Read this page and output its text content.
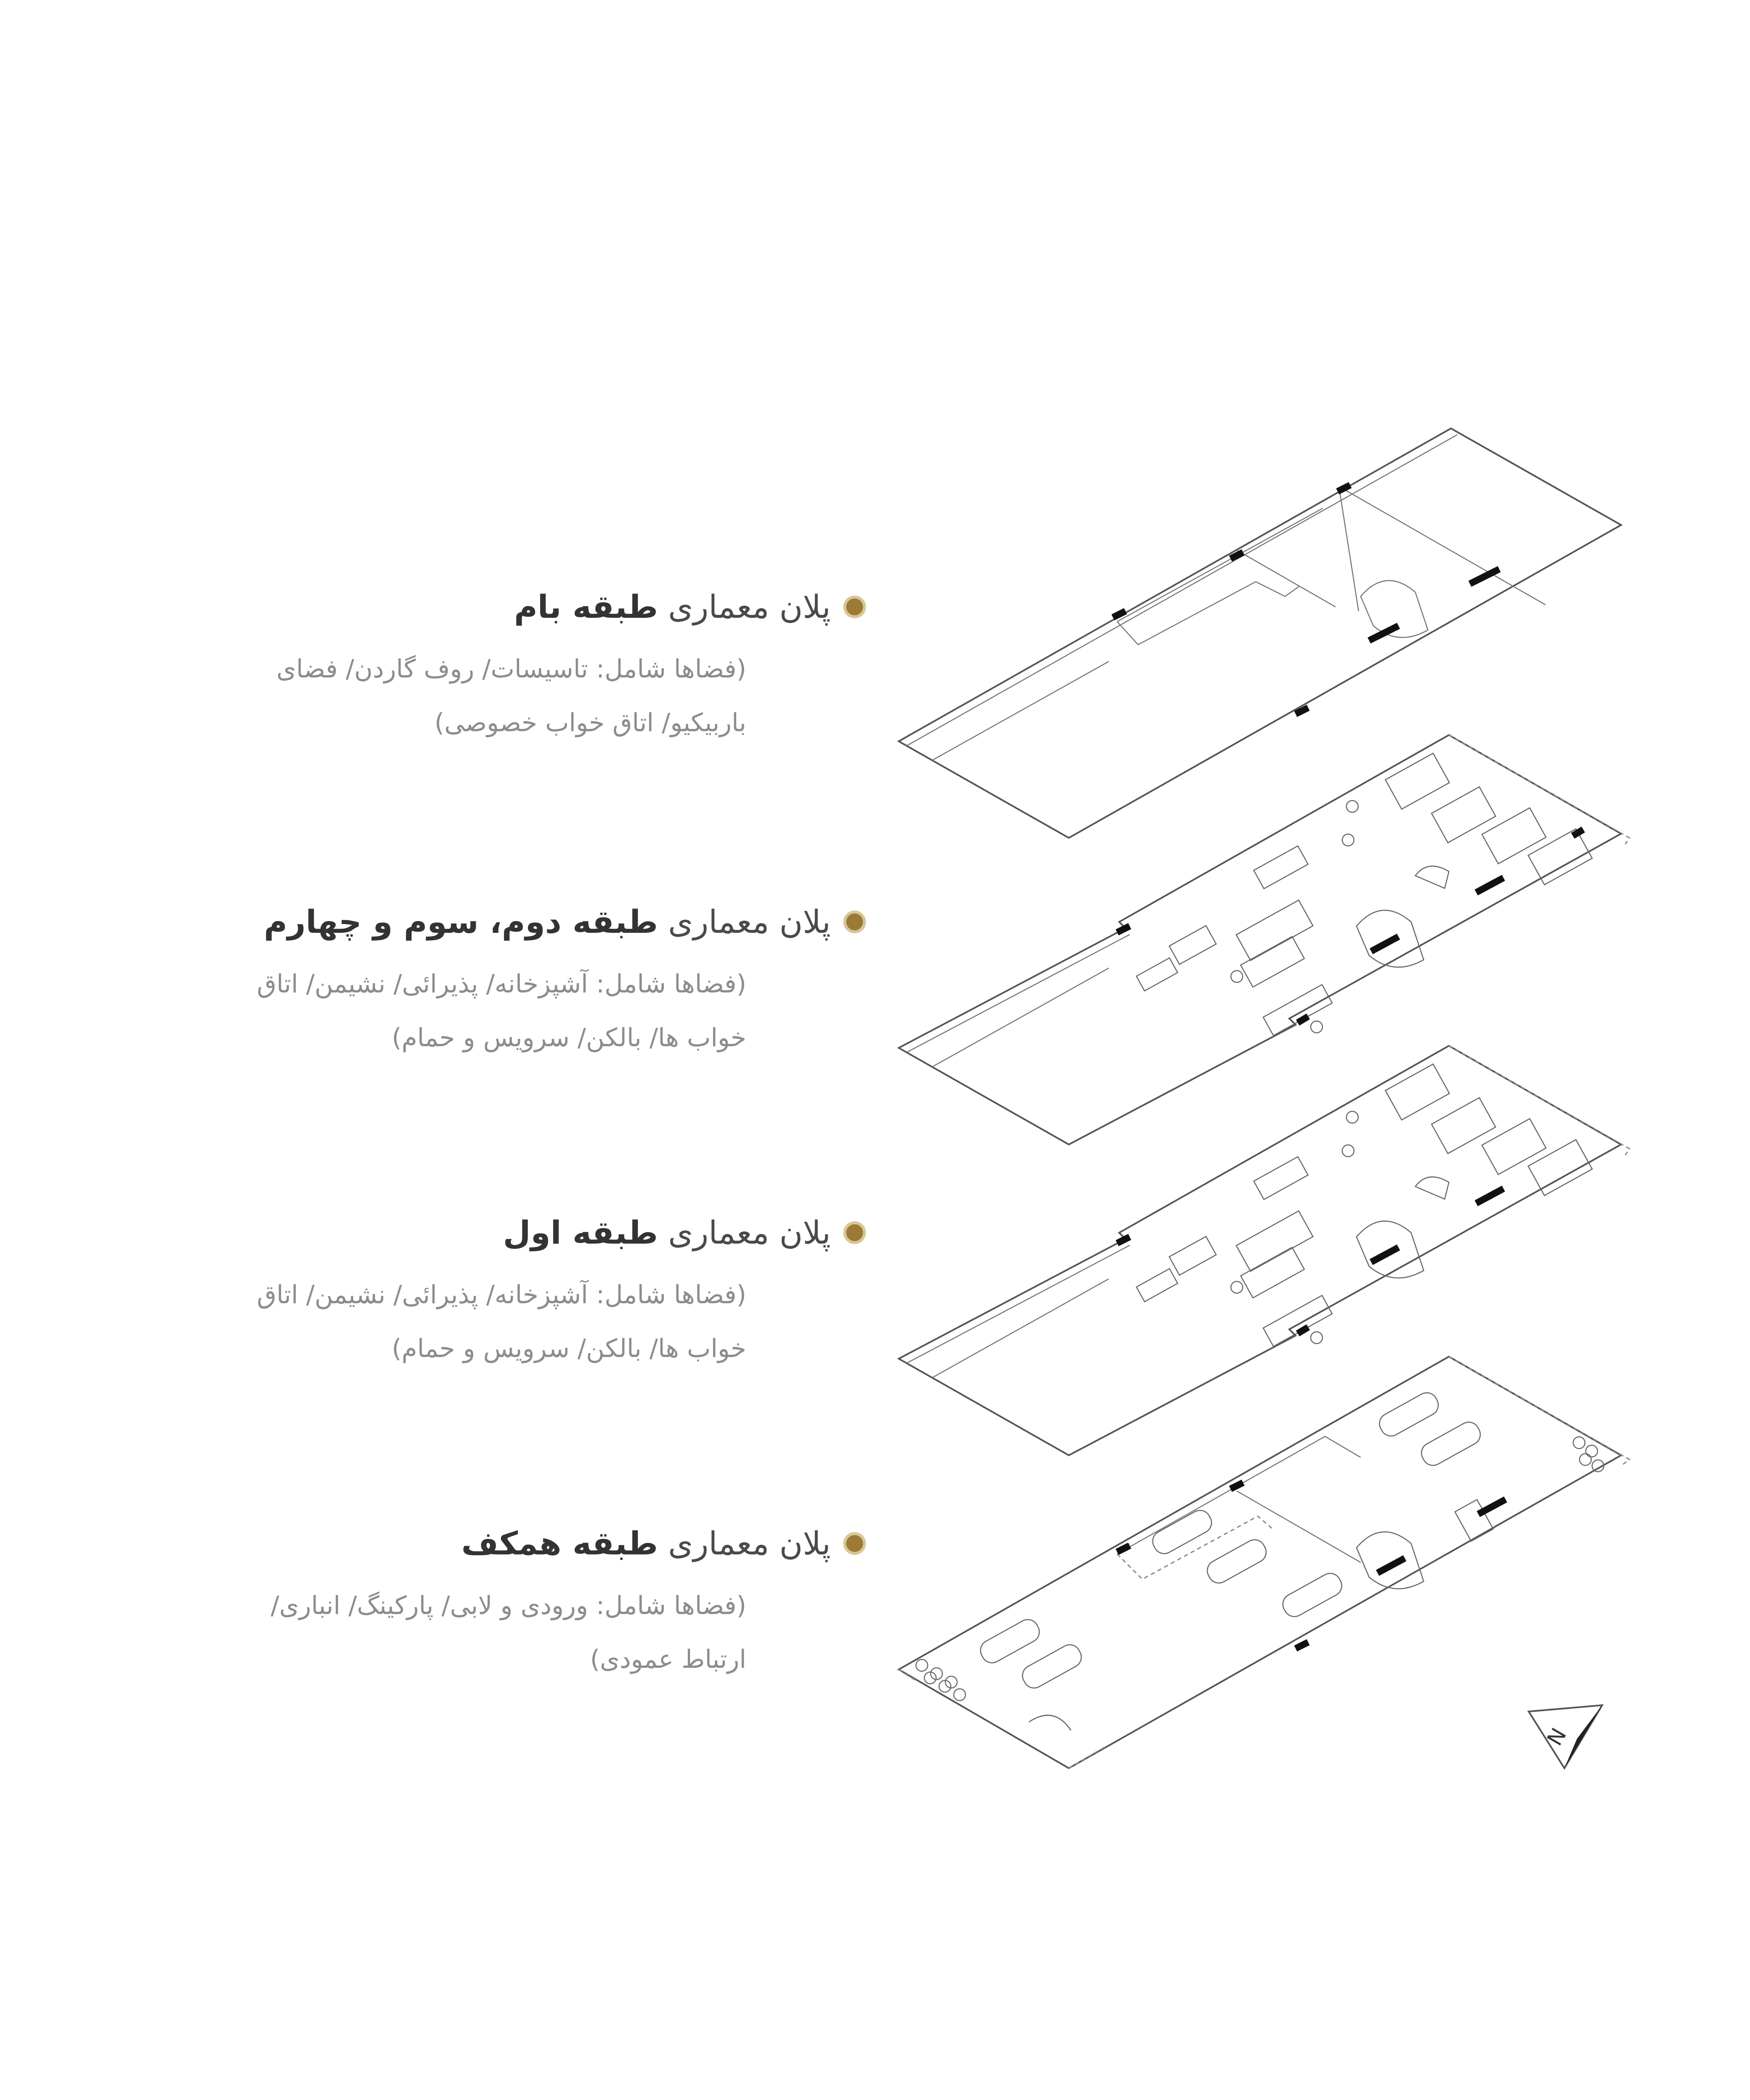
N
پلان معماری طبقه بام
(فضاها شامل: تاسیسات/ روف گاردن/ فضای
باربیکیو/ اتاق خواب خصوصی)
پلان معماری طبقه دوم، سوم و چهارم
(فضاها شامل: آشپزخانه/ پذیرائی/ نشیمن/ اتاق
خواب ها/ بالکن/ سرویس و حمام)
پلان معماری طبقه اول
(فضاها شامل: آشپزخانه/ پذیرائی/ نشیمن/ اتاق
خواب ها/ بالکن/ سرویس و حمام)
پلان معماری طبقه همکف
(فضاها شامل: ورودی و لابی/ پارکینگ/ انباری/
ارتباط عمودی)
